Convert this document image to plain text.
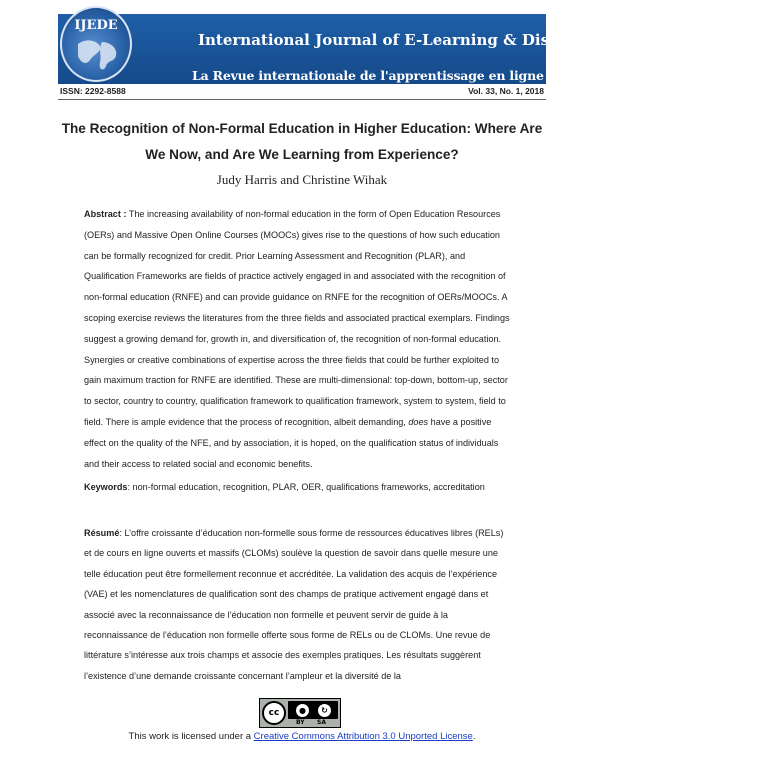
International Journal of E-Learning & Distance Education
La Revue internationale de l'apprentissage en ligne et de l'enseignement à distance
IJEDE
ISSN: 2292-8588	Vol. 33, No. 1, 2018
The Recognition of Non-Formal Education in Higher Education: Where Are We Now, and Are We Learning from Experience?
Judy Harris and Christine Wihak

Abstract : The increasing availability of non-formal education in the form of Open Education Resources (OERs) and Massive Open Online Courses (MOOCs) gives rise to the questions of how such education can be formally recognized for credit. Prior Learning Assessment and Recognition (PLAR), and Qualification Frameworks are fields of practice actively engaged in and associated with the recognition of non-formal education (RNFE) and can provide guidance on RNFE for the recognition of OERs/MOOCs. A scoping exercise reviews the literatures from the three fields and associated practical exemplars. Findings suggest a growing demand for, growth in, and diversification of, the recognition of non-formal education. Synergies or creative combinations of expertise across the three fields that could be further exploited to gain maximum traction for RNFE are identified. These are multi-dimensional: top-down, bottom-up, sector to sector, country to country, qualification framework to qualification framework, system to system, field to field. There is ample evidence that the process of recognition, albeit demanding, does have a positive effect on the quality of the NFE, and by association, it is hoped, on the qualification status of individuals and their access to related social and economic benefits.

Keywords: non-formal education, recognition, PLAR, OER, qualifications frameworks, accreditation

Résumé: L’offre croissante d’éducation non-formelle sous forme de ressources éducatives libres (RELs) et de cours en ligne ouverts et massifs (CLOMs) soulève la question de savoir dans quelle mesure une telle éducation peut être formellement reconnue et accréditée. La validation des acquis de l’expérience (VAE) et les nomenclatures de qualification sont des champs de pratique activement engagé dans et associé avec la reconnaissance de l’éducation non formelle et peuvent servir de guide à la reconnaissance de l’éducation non formelle offerte sous forme de RELs ou de CLOMs. Une revue de littérature s’intéresse aux trois champs et associe des exemples pratiques. Les résultats suggèrent l’existence d’une demande croissante concernant l’ampleur et la diversité de la

cc	●	↻
BY SA
This work is licensed under a Creative Commons Attribution 3.0 Unported License.
